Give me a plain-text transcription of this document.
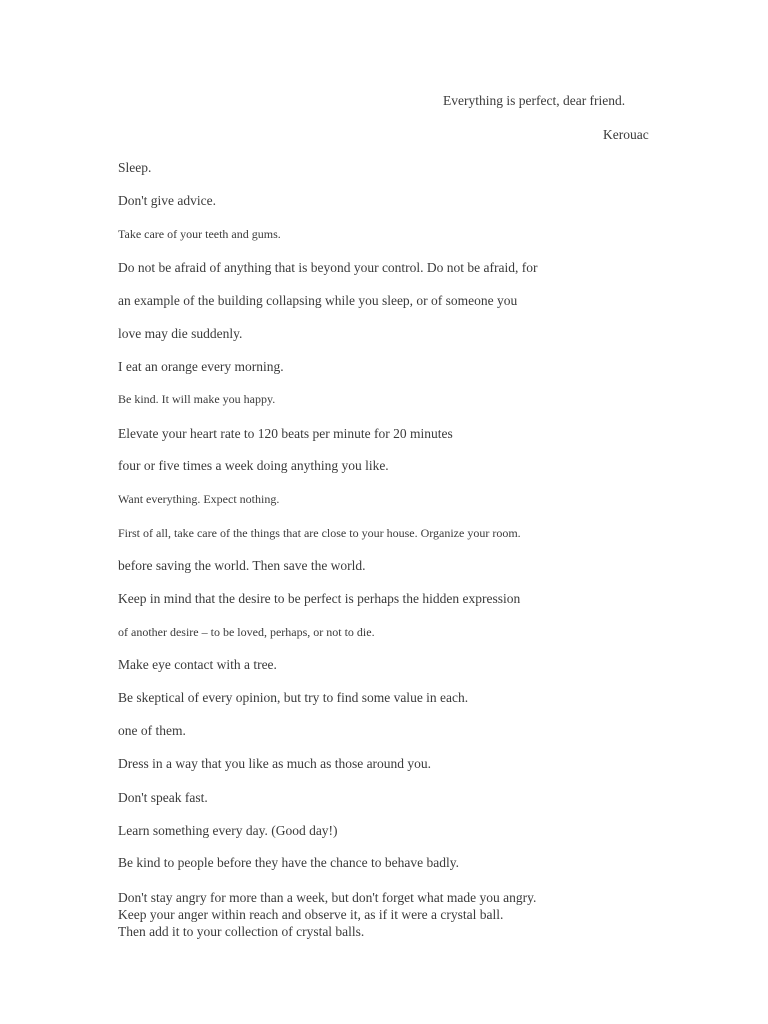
Everything is perfect, dear friend.
Kerouac
Sleep.
Don't give advice.
Take care of your teeth and gums.
Do not be afraid of anything that is beyond your control. Do not be afraid, for
an example of the building collapsing while you sleep, or of someone you
love may die suddenly.
I eat an orange every morning.
Be kind. It will make you happy.
Elevate your heart rate to 120 beats per minute for 20 minutes
four or five times a week doing anything you like.
Want everything. Expect nothing.
First of all, take care of the things that are close to your house. Organize your room.
before saving the world. Then save the world.
Keep in mind that the desire to be perfect is perhaps the hidden expression
of another desire – to be loved, perhaps, or not to die.
Make eye contact with a tree.
Be skeptical of every opinion, but try to find some value in each.
one of them.
Dress in a way that you like as much as those around you.
Don't speak fast.
Learn something every day. (Good day!)
Be kind to people before they have the chance to behave badly.
Don't stay angry for more than a week, but don't forget what made you angry.
Keep your anger within reach and observe it, as if it were a crystal ball.
Then add it to your collection of crystal balls.
